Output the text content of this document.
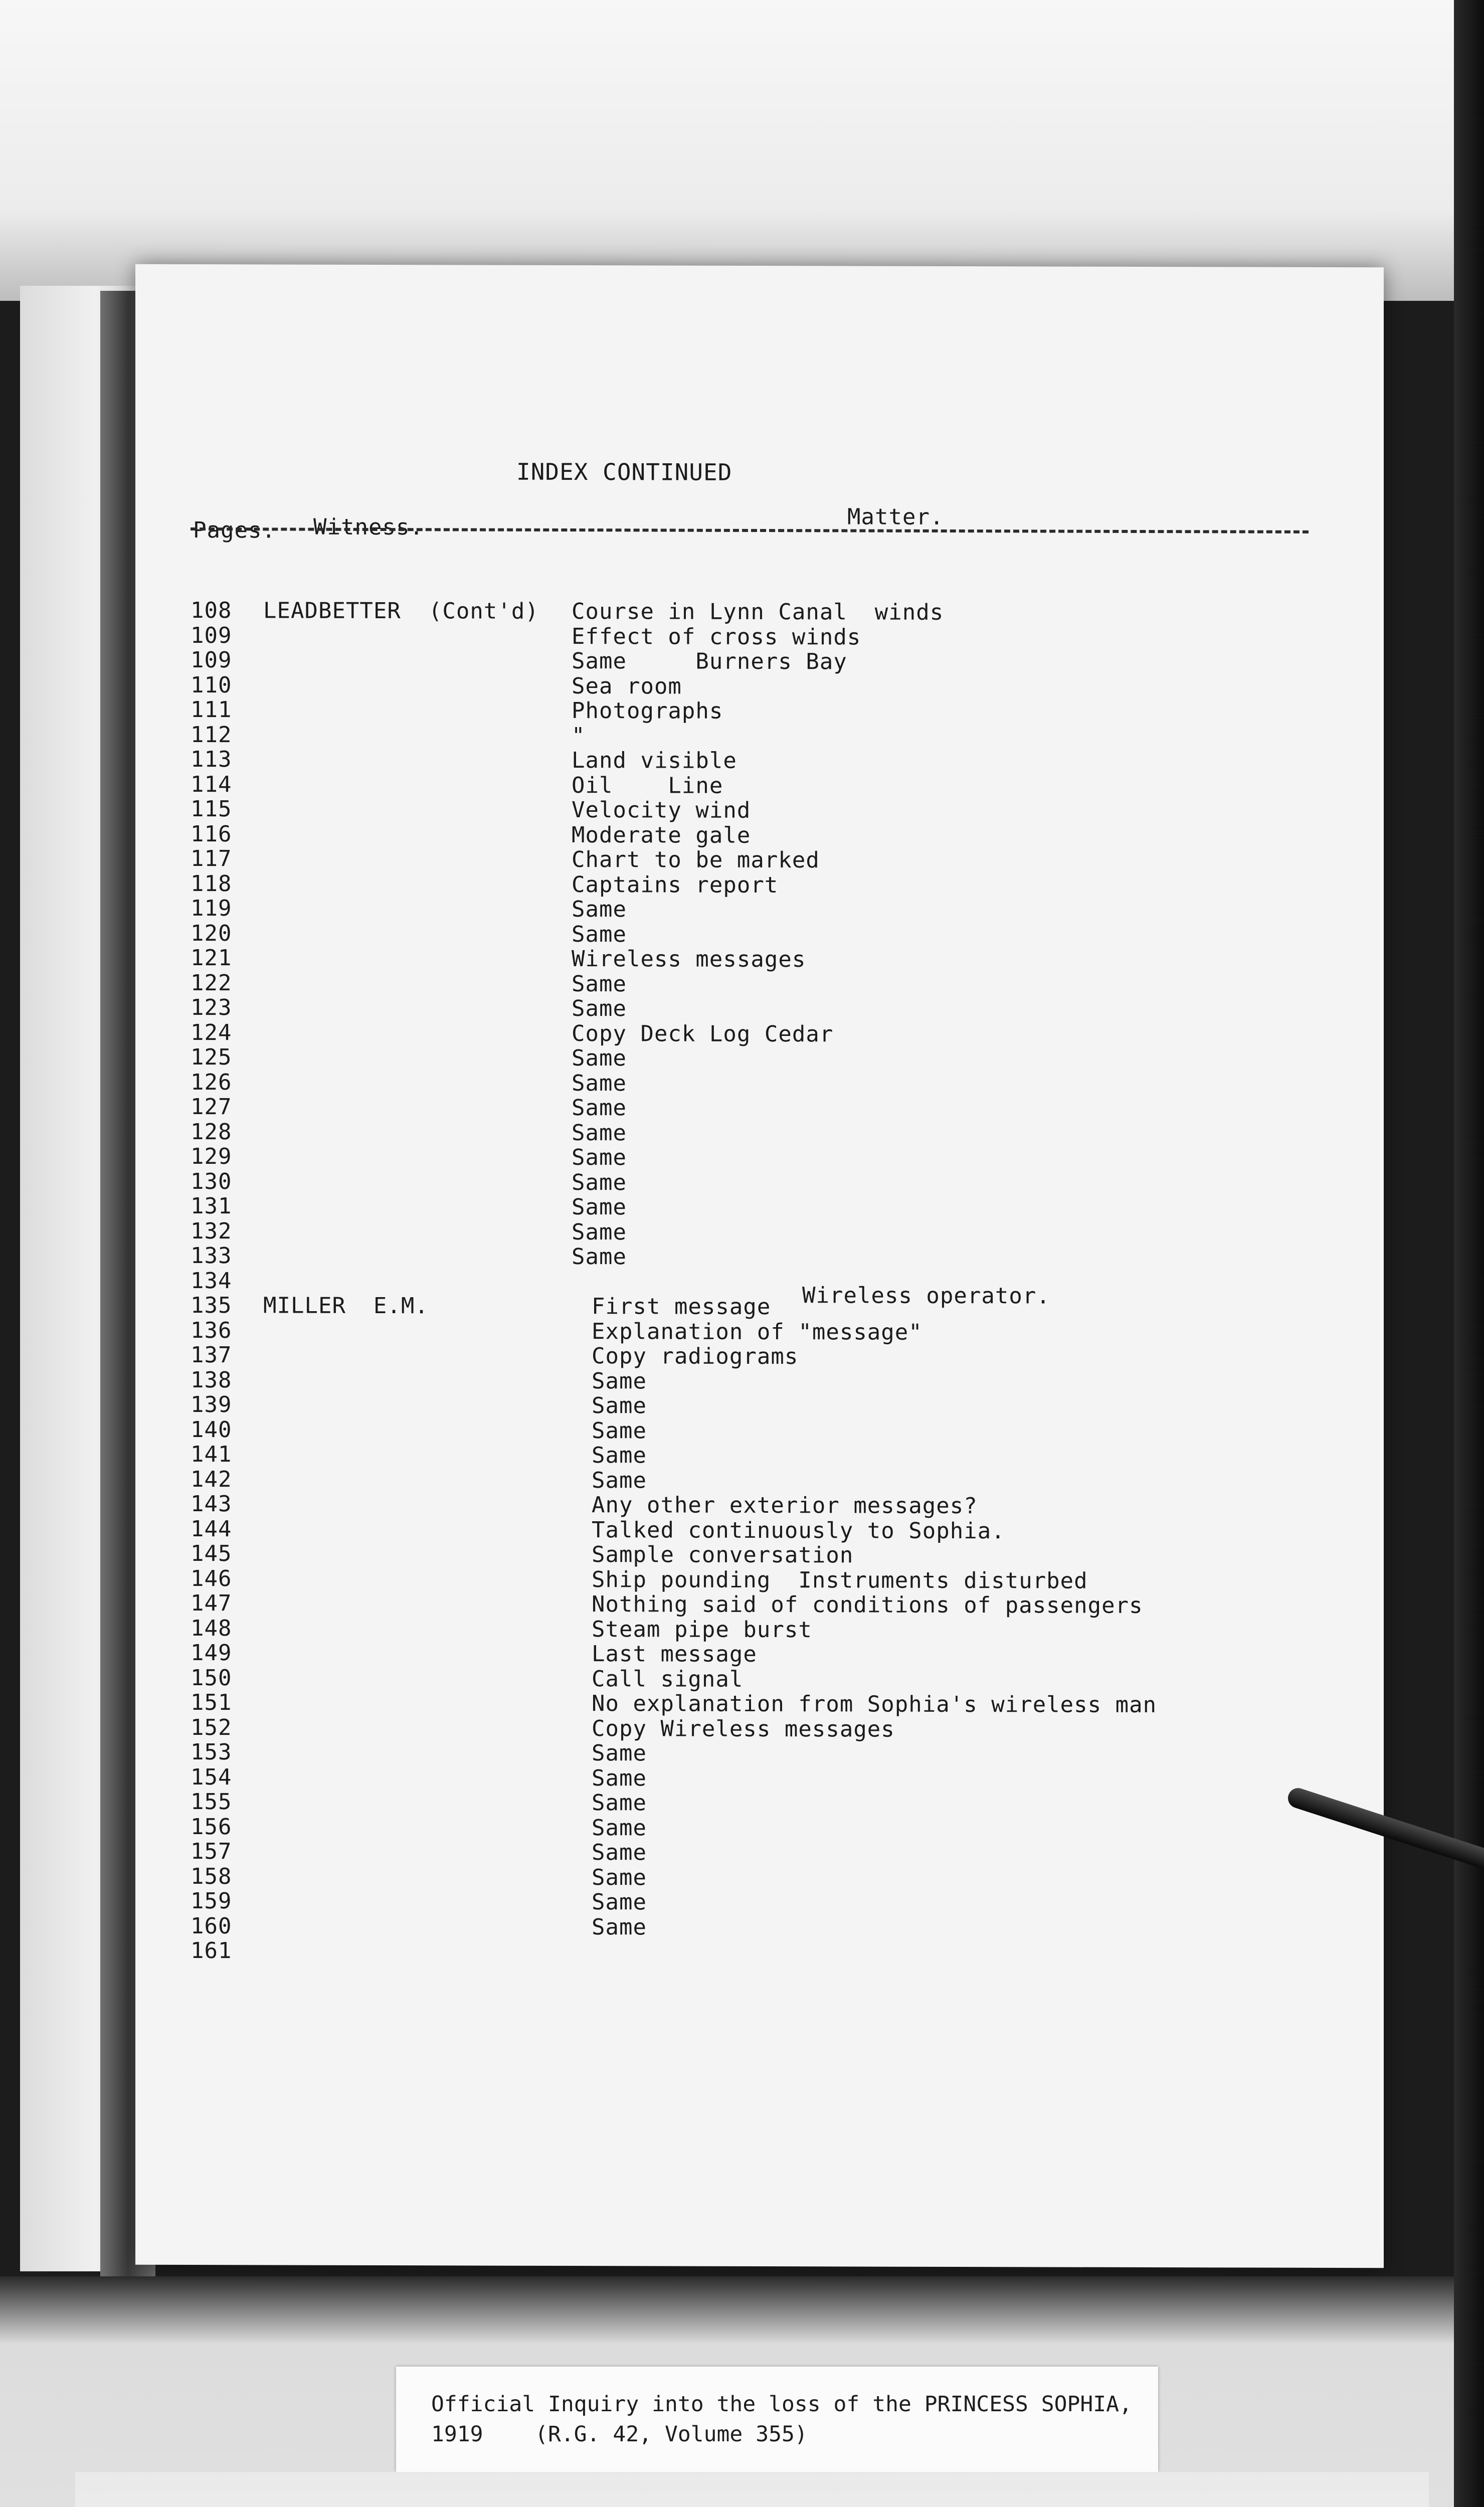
INDEX CONTINUED
Pages. Witness.	Matter.
108 LEADBETTER  (Cont'd) Course in Lynn Canal  winds
109	Effect of cross winds
109	Same     Burners Bay
110	Sea room
111	Photographs
112	"
113	Land visible
114	Oil    Line
115	Velocity wind
116	Moderate gale
117	Chart to be marked
118	Captains report
119	Same
120	Same
121	Wireless messages
122	Same
123	Same
124	Copy Deck Log Cedar
125	Same
126	Same
127	Same
128	Same
129	Same
130	Same
131	Same
132	Same
133	Same
134
Wireless operator.
135 MILLER  E.M.	First message
136	Explanation of "message"
137	Copy radiograms
138	Same
139	Same
140	Same
141	Same
142	Same
143	Any other exterior messages?
144	Talked continuously to Sophia.
145	Sample conversation
146	Ship pounding  Instruments disturbed
147	Nothing said of conditions of passengers
148	Steam pipe burst
149	Last message
150	Call signal
151	No explanation from Sophia's wireless man
152	Copy Wireless messages
153	Same
154	Same
155	Same
156	Same
157	Same
158	Same
159	Same
160	Same
161
Official Inquiry into the loss of the PRINCESS SOPHIA,
1919    (R.G. 42, Volume 355)
